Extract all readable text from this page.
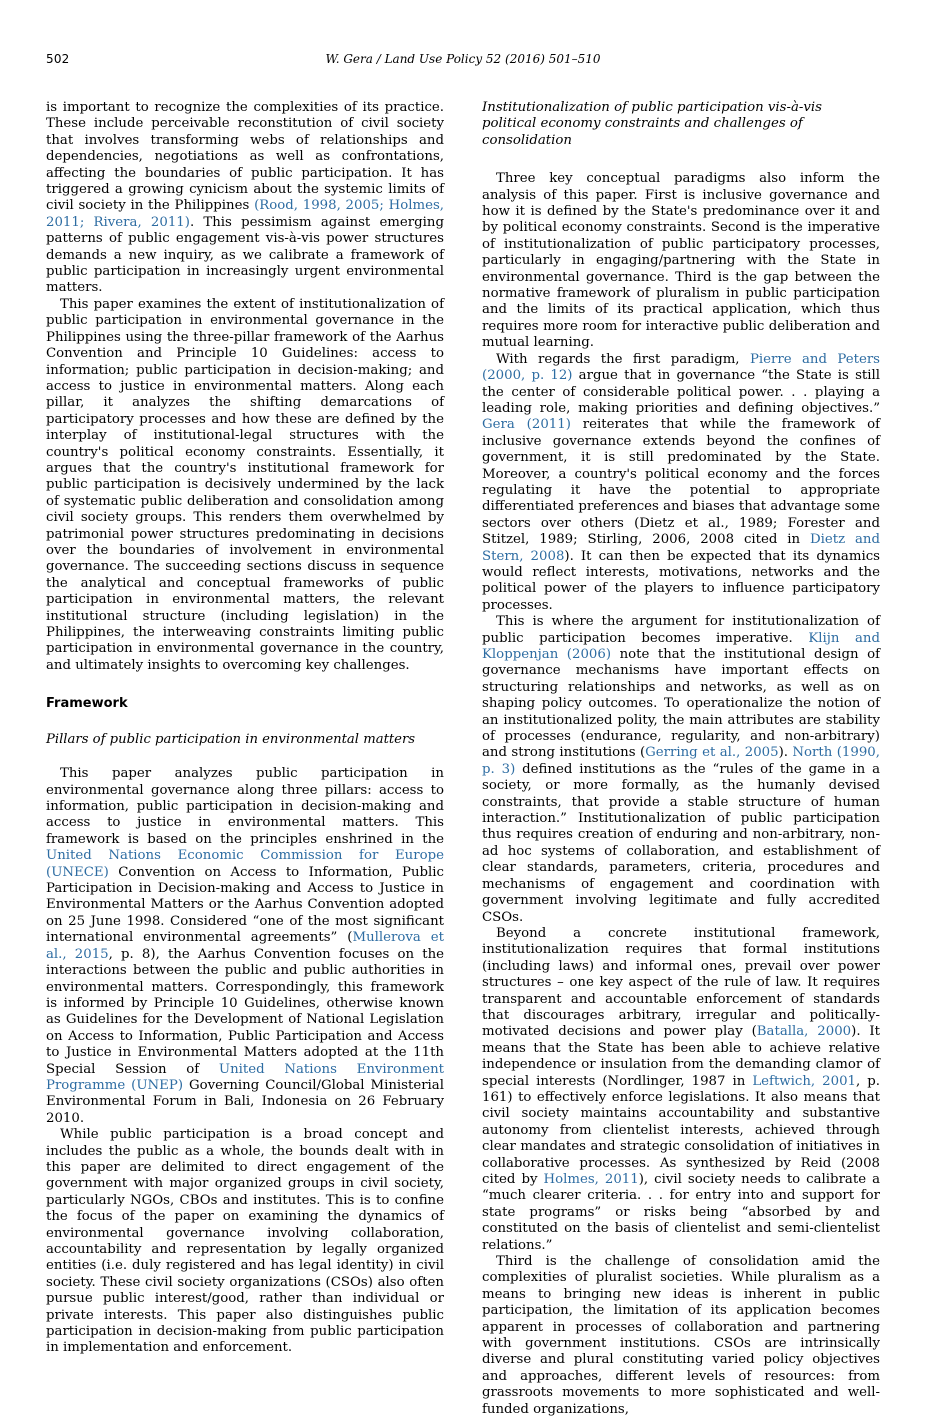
502	W. Gera / Land Use Policy 52 (2016) 501–510

is important to recognize the complexities of its practice. These include perceivable reconstitution of civil society that involves transforming webs of relationships and dependencies, negotiations as well as confrontations, affecting the boundaries of public participation. It has triggered a growing cynicism about the systemic limits of civil society in the Philippines (Rood, 1998, 2005; Holmes, 2011; Rivera, 2011). This pessimism against emerging patterns of public engagement vis-à-vis power structures demands a new inquiry, as we calibrate a framework of public participation in increasingly urgent environmental matters.

This paper examines the extent of institutionalization of public participation in environmental governance in the Philippines using the three-pillar framework of the Aarhus Convention and Principle 10 Guidelines: access to information; public participation in decision-making; and access to justice in environmental matters. Along each pillar, it analyzes the shifting demarcations of participatory processes and how these are defined by the interplay of institutional-legal structures with the country's political economy constraints. Essentially, it argues that the country's institutional framework for public participation is decisively undermined by the lack of systematic public deliberation and consolidation among civil society groups. This renders them overwhelmed by patrimonial power structures predominating in decisions over the boundaries of involvement in environmental governance. The succeeding sections discuss in sequence the analytical and conceptual frameworks of public participation in environmental matters, the relevant institutional structure (including legislation) in the Philippines, the interweaving constraints limiting public participation in environmental governance in the country, and ultimately insights to overcoming key challenges.

Framework
Pillars of public participation in environmental matters

This paper analyzes public participation in environmental governance along three pillars: access to information, public participation in decision-making and access to justice in environmental matters. This framework is based on the principles enshrined in the United Nations Economic Commission for Europe (UNECE) Convention on Access to Information, Public Participation in Decision-making and Access to Justice in Environmental Matters or the Aarhus Convention adopted on 25 June 1998. Considered “one of the most significant international environmental agreements” (Mullerova et al., 2015, p. 8), the Aarhus Convention focuses on the interactions between the public and public authorities in environmental matters. Correspondingly, this framework is informed by Principle 10 Guidelines, otherwise known as Guidelines for the Development of National Legislation on Access to Information, Public Participation and Access to Justice in Environmental Matters adopted at the 11th Special Session of United Nations Environment Programme (UNEP) Governing Council/Global Ministerial Environmental Forum in Bali, Indonesia on 26 February 2010.

While public participation is a broad concept and includes the public as a whole, the bounds dealt with in this paper are delimited to direct engagement of the government with major organized groups in civil society, particularly NGOs, CBOs and institutes. This is to confine the focus of the paper on examining the dynamics of environmental governance involving collaboration, accountability and representation by legally organized entities (i.e. duly registered and has legal identity) in civil society. These civil society organizations (CSOs) also often pursue public interest/good, rather than individual or private interests. This paper also distinguishes public participation in decision-making from public participation in implementation and enforcement.

Institutionalization of public participation vis-à-vis political economy constraints and challenges of consolidation

Three key conceptual paradigms also inform the analysis of this paper. First is inclusive governance and how it is defined by the State's predominance over it and by political economy constraints. Second is the imperative of institutionalization of public participatory processes, particularly in engaging/partnering with the State in environmental governance. Third is the gap between the normative framework of pluralism in public participation and the limits of its practical application, which thus requires more room for interactive public deliberation and mutual learning.

With regards the first paradigm, Pierre and Peters (2000, p. 12) argue that in governance “the State is still the center of considerable political power. . . playing a leading role, making priorities and defining objectives.” Gera (2011) reiterates that while the framework of inclusive governance extends beyond the confines of government, it is still predominated by the State. Moreover, a country's political economy and the forces regulating it have the potential to appropriate differentiated preferences and biases that advantage some sectors over others (Dietz et al., 1989; Forester and Stitzel, 1989; Stirling, 2006, 2008 cited in Dietz and Stern, 2008). It can then be expected that its dynamics would reflect interests, motivations, networks and the political power of the players to influence participatory processes.

This is where the argument for institutionalization of public participation becomes imperative. Klijn and Kloppenjan (2006) note that the institutional design of governance mechanisms have important effects on structuring relationships and networks, as well as on shaping policy outcomes. To operationalize the notion of an institutionalized polity, the main attributes are stability of processes (endurance, regularity, and non-arbitrary) and strong institutions (Gerring et al., 2005). North (1990, p. 3) defined institutions as the “rules of the game in a society, or more formally, as the humanly devised constraints, that provide a stable structure of human interaction.” Institutionalization of public participation thus requires creation of enduring and non-arbitrary, non-ad hoc systems of collaboration, and establishment of clear standards, parameters, criteria, procedures and mechanisms of engagement and coordination with government involving legitimate and fully accredited CSOs.

Beyond a concrete institutional framework, institutionalization requires that formal institutions (including laws) and informal ones, prevail over power structures – one key aspect of the rule of law. It requires transparent and accountable enforcement of standards that discourages arbitrary, irregular and politically-motivated decisions and power play (Batalla, 2000). It means that the State has been able to achieve relative independence or insulation from the demanding clamor of special interests (Nordlinger, 1987 in Leftwich, 2001, p. 161) to effectively enforce legislations. It also means that civil society maintains accountability and substantive autonomy from clientelist interests, achieved through clear mandates and strategic consolidation of initiatives in collaborative processes. As synthesized by Reid (2008 cited by Holmes, 2011), civil society needs to calibrate a “much clearer criteria. . . for entry into and support for state programs” or risks being “absorbed by and constituted on the basis of clientelist and semi-clientelist relations.”

Third is the challenge of consolidation amid the complexities of pluralist societies. While pluralism as a means to bringing new ideas is inherent in public participation, the limitation of its application becomes apparent in processes of collaboration and partnering with government institutions. CSOs are intrinsically diverse and plural constituting varied policy objectives and approaches, different levels of resources: from grassroots movements to more sophisticated and well-funded organizations,
